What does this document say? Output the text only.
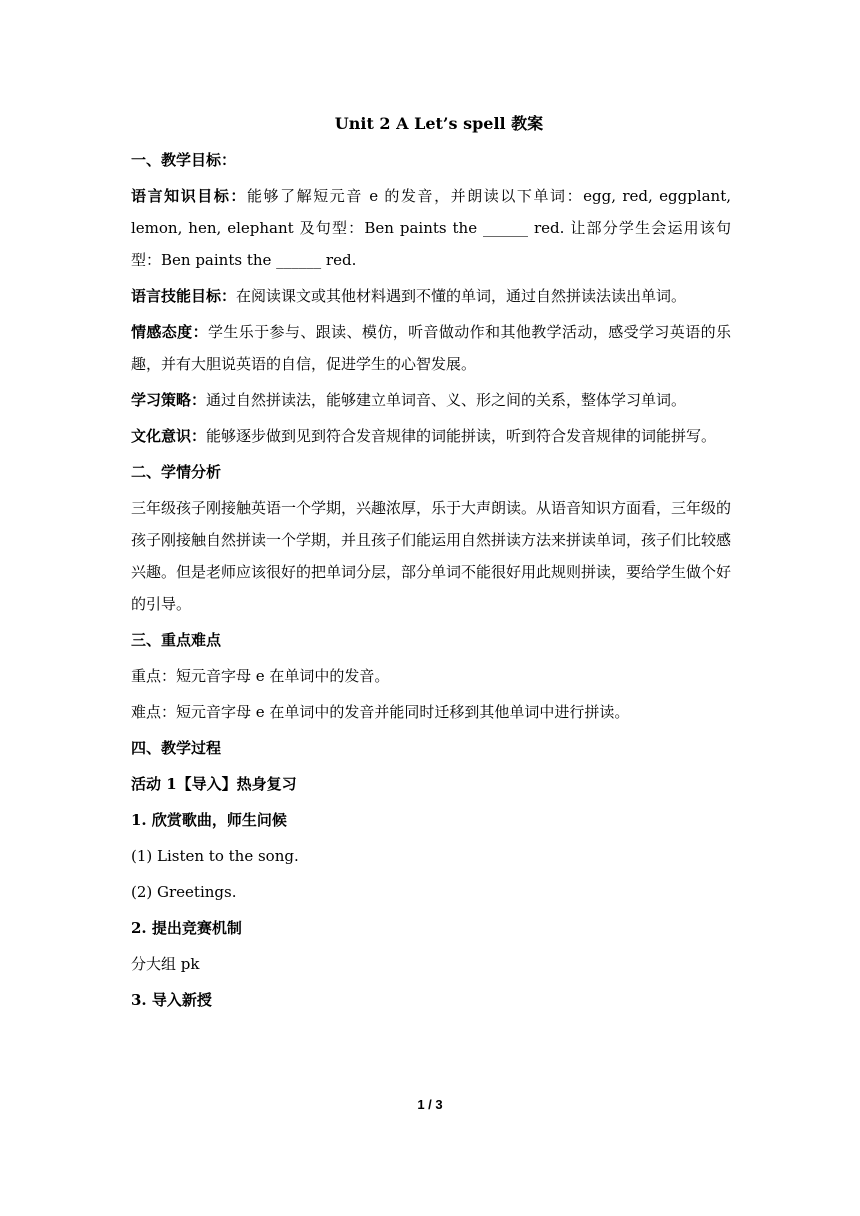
Unit 2 A Let’s spell 教案
一、教学目标：
语言知识目标：能够了解短元音 e 的发音，并朗读以下单词：egg, red, eggplant, lemon, hen, elephant 及句型：Ben paints the ______ red. 让部分学生会运用该句型：Ben paints the ______ red.
语言技能目标：在阅读课文或其他材料遇到不懂的单词，通过自然拼读法读出单词。
情感态度：学生乐于参与、跟读、模仿，听音做动作和其他教学活动，感受学习英语的乐趣，并有大胆说英语的自信，促进学生的心智发展。
学习策略：通过自然拼读法，能够建立单词音、义、形之间的关系，整体学习单词。
文化意识：能够逐步做到见到符合发音规律的词能拼读，听到符合发音规律的词能拼写。
二、学情分析
三年级孩子刚接触英语一个学期，兴趣浓厚，乐于大声朗读。从语音知识方面看，三年级的孩子刚接触自然拼读一个学期，并且孩子们能运用自然拼读方法来拼读单词，孩子们比较感兴趣。但是老师应该很好的把单词分层，部分单词不能很好用此规则拼读，要给学生做个好的引导。
三、重点难点
重点：短元音字母 e 在单词中的发音。
难点：短元音字母 e 在单词中的发音并能同时迁移到其他单词中进行拼读。
四、教学过程
活动 1【导入】热身复习
1. 欣赏歌曲，师生问候
(1) Listen to the song.
(2) Greetings.
2. 提出竞赛机制
分大组 pk
3. 导入新授
1 / 3
